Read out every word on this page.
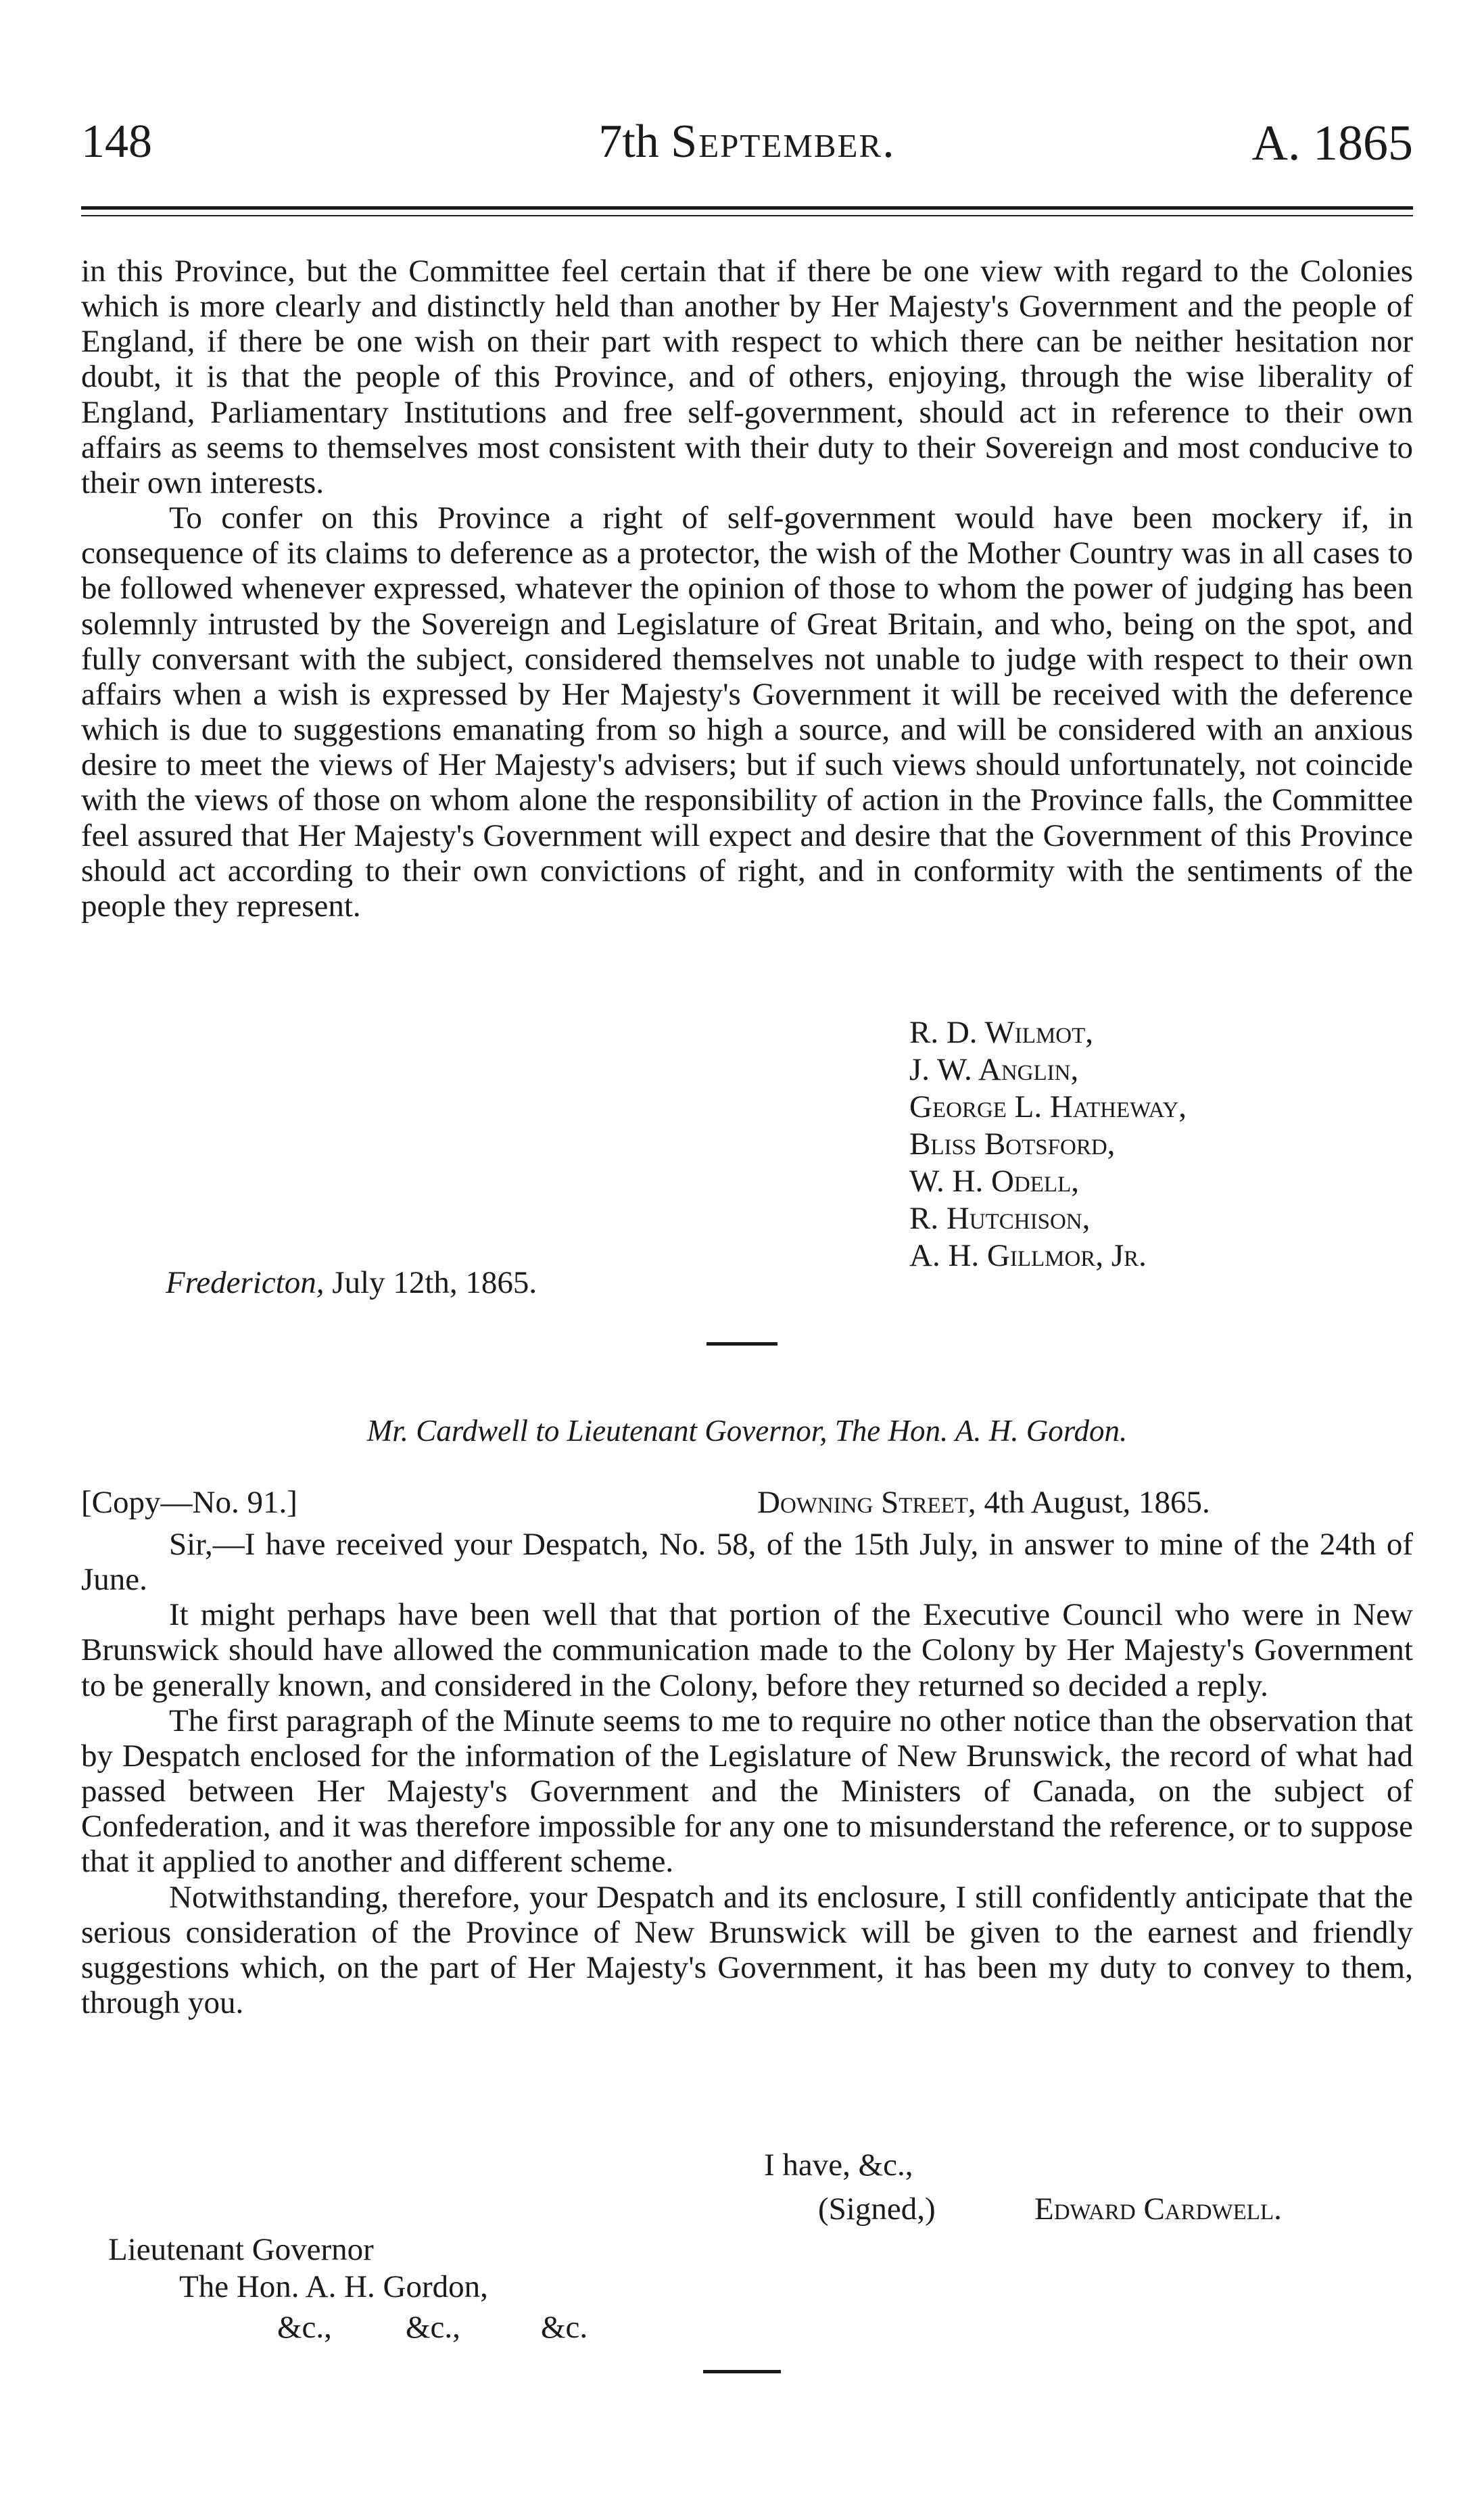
148	7th September.	A. 1865

in this Province, but the Committee feel certain that if there be one view with regard to the Colonies which is more clearly and distinctly held than another by Her Majesty's Government and the people of England, if there be one wish on their part with respect to which there can be neither hesitation nor doubt, it is that the people of this Province, and of others, enjoying, through the wise liberality of England, Parliamentary Institutions and free self-government, should act in reference to their own affairs as seems to themselves most consistent with their duty to their Sovereign and most conducive to their own interests.

To confer on this Province a right of self-government would have been mockery if, in consequence of its claims to deference as a protector, the wish of the Mother Country was in all cases to be followed whenever expressed, whatever the opinion of those to whom the power of judging has been solemnly intrusted by the Sovereign and Legislature of Great Britain, and who, being on the spot, and fully conversant with the subject, considered themselves not unable to judge with respect to their own affairs when a wish is expressed by Her Majesty's Government it will be received with the deference which is due to suggestions emanating from so high a source, and will be considered with an anxious desire to meet the views of Her Majesty's advisers; but if such views should unfortunately, not coincide with the views of those on whom alone the responsibility of action in the Province falls, the Committee feel assured that Her Majesty's Government will expect and desire that the Government of this Province should act according to their own convictions of right, and in conformity with the sentiments of the people they represent.

R. D. Wilmot,
J. W. Anglin,
George L. Hatheway,
Bliss Botsford,
W. H. Odell,
R. Hutchison,
A. H. Gillmor, Jr.
Fredericton, July 12th, 1865.
Mr. Cardwell to Lieutenant Governor, The Hon. A. H. Gordon.
[Copy—No. 91.]	Downing Street, 4th August, 1865.

Sir,—I have received your Despatch, No. 58, of the 15th July, in answer to mine of the 24th of June.

It might perhaps have been well that that portion of the Executive Council who were in New Brunswick should have allowed the communication made to the Colony by Her Majesty's Government to be generally known, and considered in the Colony, before they returned so decided a reply.

The first paragraph of the Minute seems to me to require no other notice than the observation that by Despatch enclosed for the information of the Legislature of New Brunswick, the record of what had passed between Her Majesty's Government and the Ministers of Canada, on the subject of Confederation, and it was therefore impossible for any one to misunderstand the reference, or to suppose that it applied to another and different scheme.

Notwithstanding, therefore, your Despatch and its enclosure, I still confidently anticipate that the serious consideration of the Province of New Brunswick will be given to the earnest and friendly suggestions which, on the part of Her Majesty's Government, it has been my duty to convey to them, through you.

I have, &c.,
(Signed,)	Edward Cardwell.
Lieutenant Governor
The Hon. A. H. Gordon,
&c., &c.,	&c.
